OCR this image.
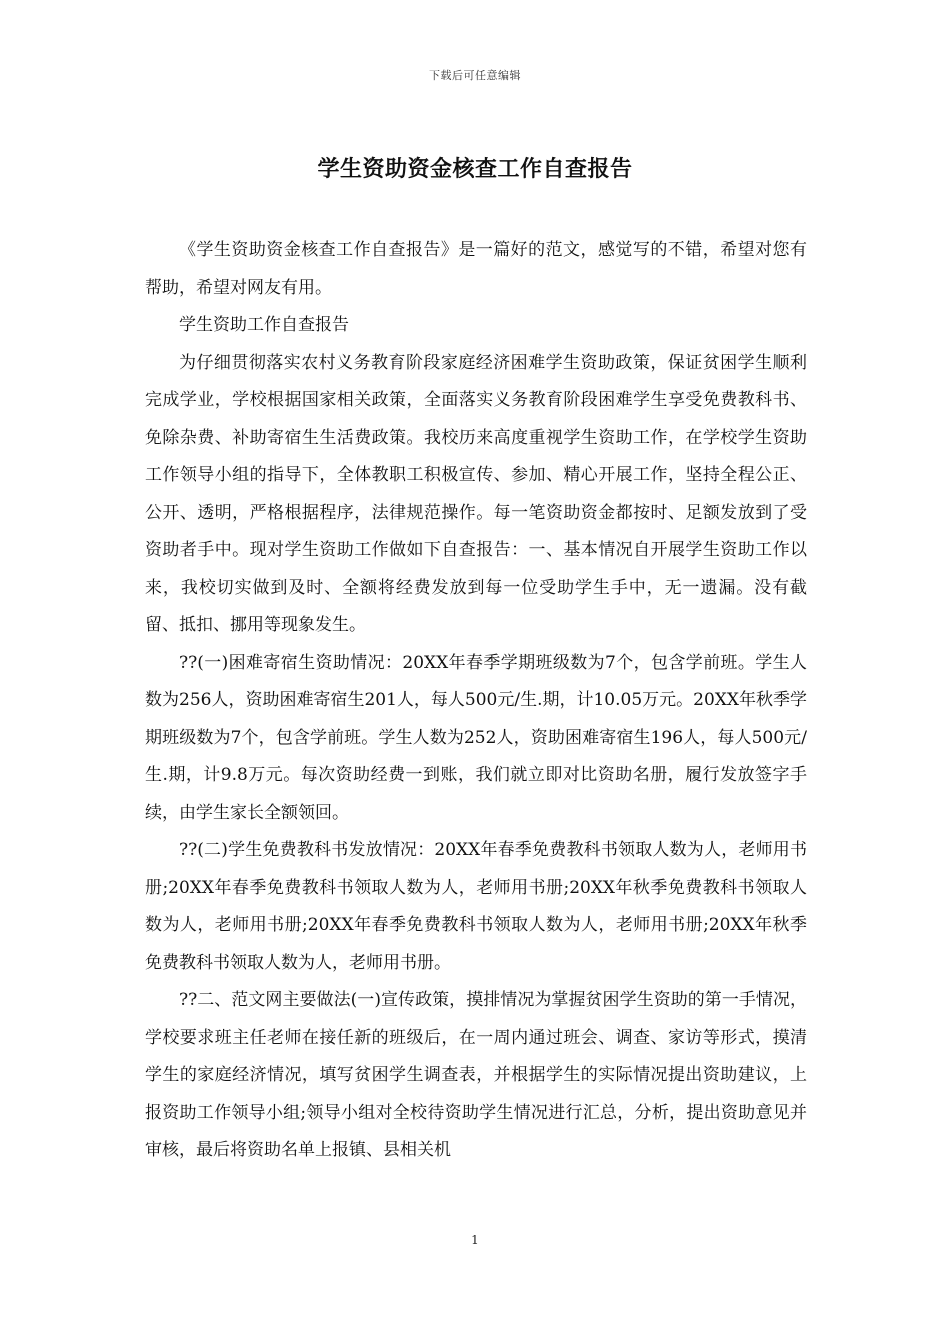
下载后可任意编辑
学生资助资金核查工作自查报告

《学生资助资金核查工作自查报告》是一篇好的范文，感觉写的不错，希望对您有帮助，希望对网友有用。

学生资助工作自查报告

为仔细贯彻落实农村义务教育阶段家庭经济困难学生资助政策，保证贫困学生顺利完成学业，学校根据国家相关政策，全面落实义务教育阶段困难学生享受免费教科书、免除杂费、补助寄宿生生活费政策。我校历来高度重视学生资助工作，在学校学生资助工作领导小组的指导下，全体教职工积极宣传、参加、精心开展工作，坚持全程公正、公开、透明，严格根据程序，法律规范操作。每一笔资助资金都按时、足额发放到了受资助者手中。现对学生资助工作做如下自查报告：一、基本情况自开展学生资助工作以来，我校切实做到及时、全额将经费发放到每一位受助学生手中，无一遗漏。没有截留、抵扣、挪用等现象发生。

??(一)困难寄宿生资助情况：20XX年春季学期班级数为7个，包含学前班。学生人数为256人，资助困难寄宿生201人，每人500元/生.期，计10.05万元。20XX年秋季学期班级数为7个，包含学前班。学生人数为252人，资助困难寄宿生196人，每人500元/生.期，计9.8万元。每次资助经费一到账，我们就立即对比资助名册，履行发放签字手续，由学生家长全额领回。

??(二)学生免费教科书发放情况：20XX年春季免费教科书领取人数为人，老师用书册;20XX年春季免费教科书领取人数为人，老师用书册;20XX年秋季免费教科书领取人数为人，老师用书册;20XX年春季免费教科书领取人数为人，老师用书册;20XX年秋季免费教科书领取人数为人，老师用书册。

??二、范文网主要做法(一)宣传政策，摸排情况为掌握贫困学生资助的第一手情况，学校要求班主任老师在接任新的班级后，在一周内通过班会、调查、家访等形式，摸清学生的家庭经济情况，填写贫困学生调查表，并根据学生的实际情况提出资助建议，上报资助工作领导小组;领导小组对全校待资助学生情况进行汇总，分析，提出资助意见并审核，最后将资助名单上报镇、县相关机

1
